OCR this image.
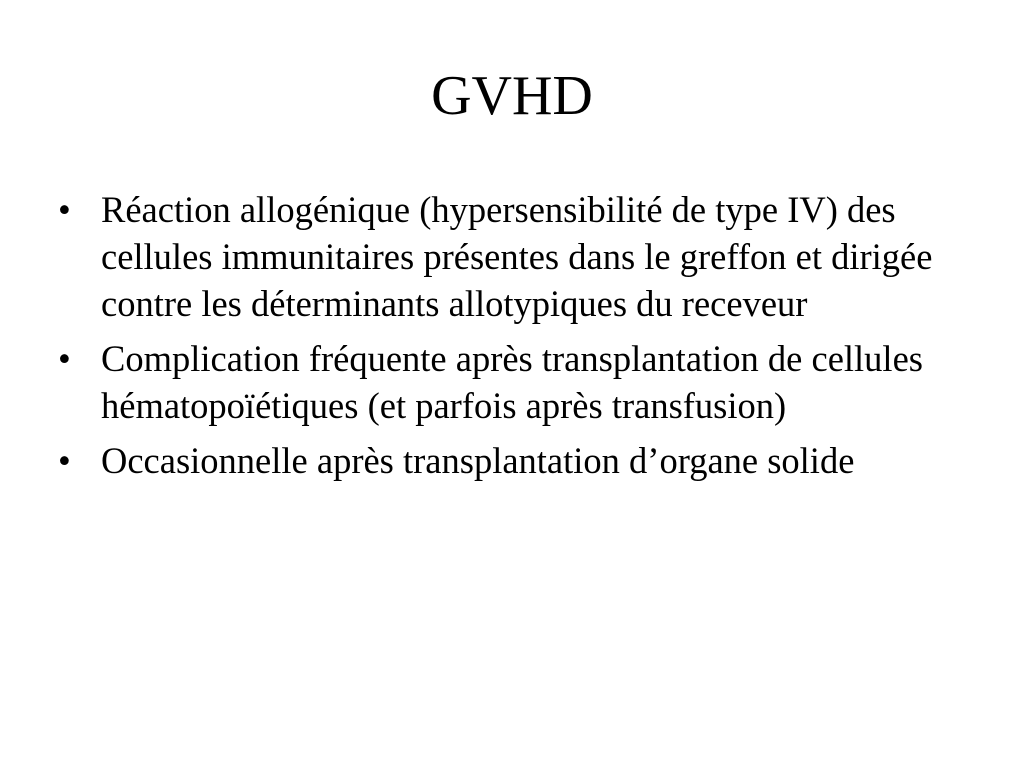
GVHD
• Réaction allogénique (hypersensibilité de type IV) des cellules immunitaires présentes dans le greffon et dirigée contre les déterminants allotypiques du receveur
• Complication fréquente après transplantation de cellules hématopoïétiques (et parfois après transfusion)
• Occasionnelle après transplantation d’organe solide
